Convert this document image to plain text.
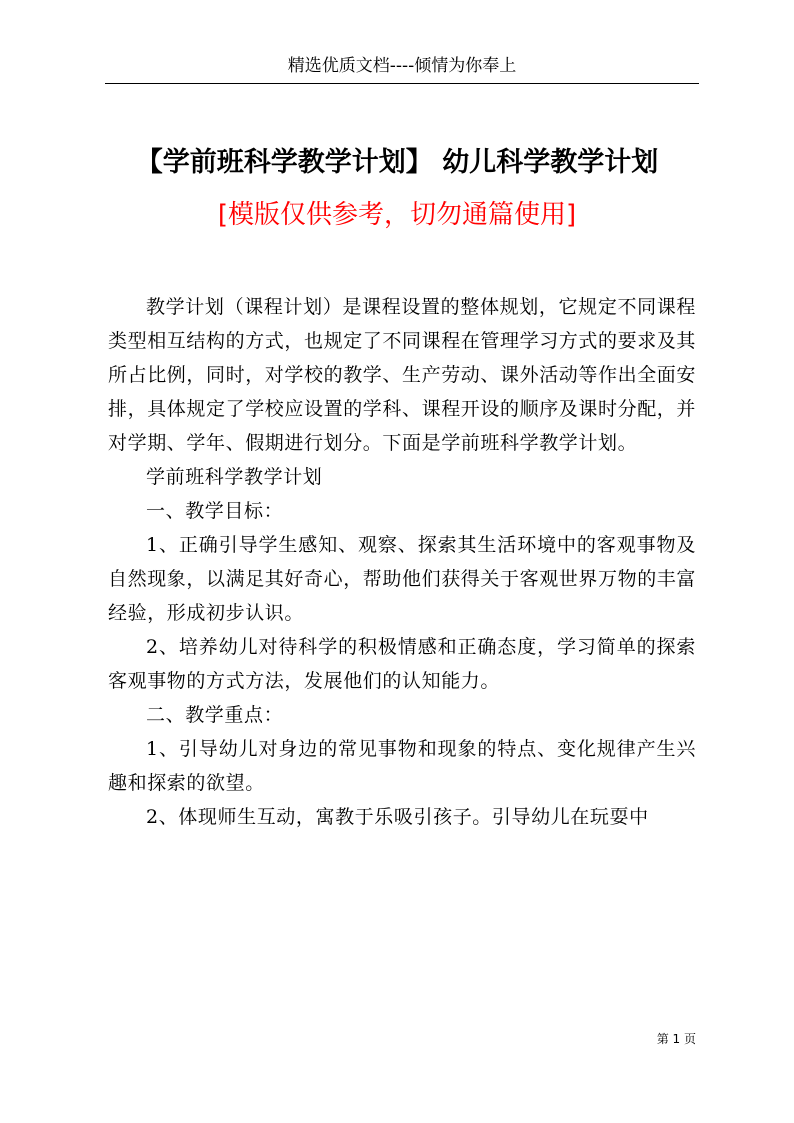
精选优质文档----倾情为你奉上
【学前班科学教学计划】 幼儿科学教学计划
[模版仅供参考，切勿通篇使用]

教学计划（课程计划）是课程设置的整体规划，它规定不同课程类型相互结构的方式，也规定了不同课程在管理学习方式的要求及其所占比例，同时，对学校的教学、生产劳动、课外活动等作出全面安排，具体规定了学校应设置的学科、课程开设的顺序及课时分配，并对学期、学年、假期进行划分。下面是学前班科学教学计划。

学前班科学教学计划

一、教学目标：

1、正确引导学生感知、观察、探索其生活环境中的客观事物及自然现象，以满足其好奇心，帮助他们获得关于客观世界万物的丰富经验，形成初步认识。

2、培养幼儿对待科学的积极情感和正确态度，学习简单的探索客观事物的方式方法，发展他们的认知能力。

二、教学重点：

1、引导幼儿对身边的常见事物和现象的特点、变化规律产生兴趣和探索的欲望。

2、体现师生互动，寓教于乐吸引孩子。引导幼儿在玩耍中

第 1 页
